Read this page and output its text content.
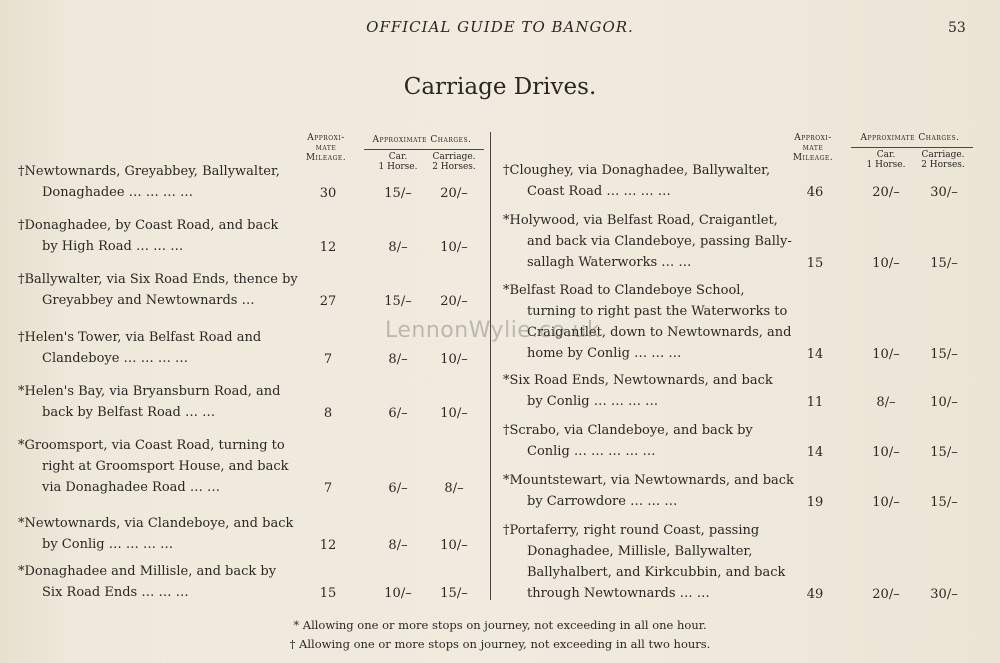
OFFICIAL GUIDE TO BANGOR.	53
Carriage Drives.
Approxi-
mate
Mileage.
Approximate Charges.
Car.
1 Horse.
Carriage.
2 Horses.
†Newtownards, Greyabbey, Ballywalter,
Donaghadee … … … …	30	15/–	20/–
†Donaghadee, by Coast Road, and back
by High Road … … …	12	8/–	10/–
†Ballywalter, via Six Road Ends, thence by
Greyabbey and Newtownards …	27	15/–	20/–
†Helen's Tower, via Belfast Road and
Clandeboye … … … …	7	8/–	10/–
*Helen's Bay, via Bryansburn Road, and
back by Belfast Road … …	8	6/–	10/–
*Groomsport, via Coast Road, turning to
right at Groomsport House, and back
via Donaghadee Road … …	7	6/–	8/–
*Newtownards, via Clandeboye, and back
by Conlig … … … …	12	8/–	10/–
*Donaghadee and Millisle, and back by
Six Road Ends … … …	15	10/–	15/–
Approxi-
mate
Mileage.
Approximate Charges.
Car.
1 Horse.
Carriage.
2 Horses.
†Cloughey, via Donaghadee, Ballywalter,
Coast Road … … … …	46	20/–	30/–
*Holywood, via Belfast Road, Craigantlet,
and back via Clandeboye, passing Bally-
sallagh Waterworks … …	15	10/–	15/–
*Belfast Road to Clandeboye School,
turning to right past the Waterworks to
Craigantlet, down to Newtownards, and
home by Conlig … … …	14	10/–	15/–
*Six Road Ends, Newtownards, and back
by Conlig … … … …	11	8/–	10/–
†Scrabo, via Clandeboye, and back by
Conlig … … … … …	14	10/–	15/–
*Mountstewart, via Newtownards, and back
by Carrowdore … … …	19	10/–	15/–
†Portaferry, right round Coast, passing
Donaghadee, Millisle, Ballywalter,
Ballyhalbert, and Kirkcubbin, and back
through Newtownards … …	49	20/–	30/–
LennonWylie.co.uk
* Allowing one or more stops on journey, not exceeding in all one hour.
† Allowing one or more stops on journey, not exceeding in all two hours.
